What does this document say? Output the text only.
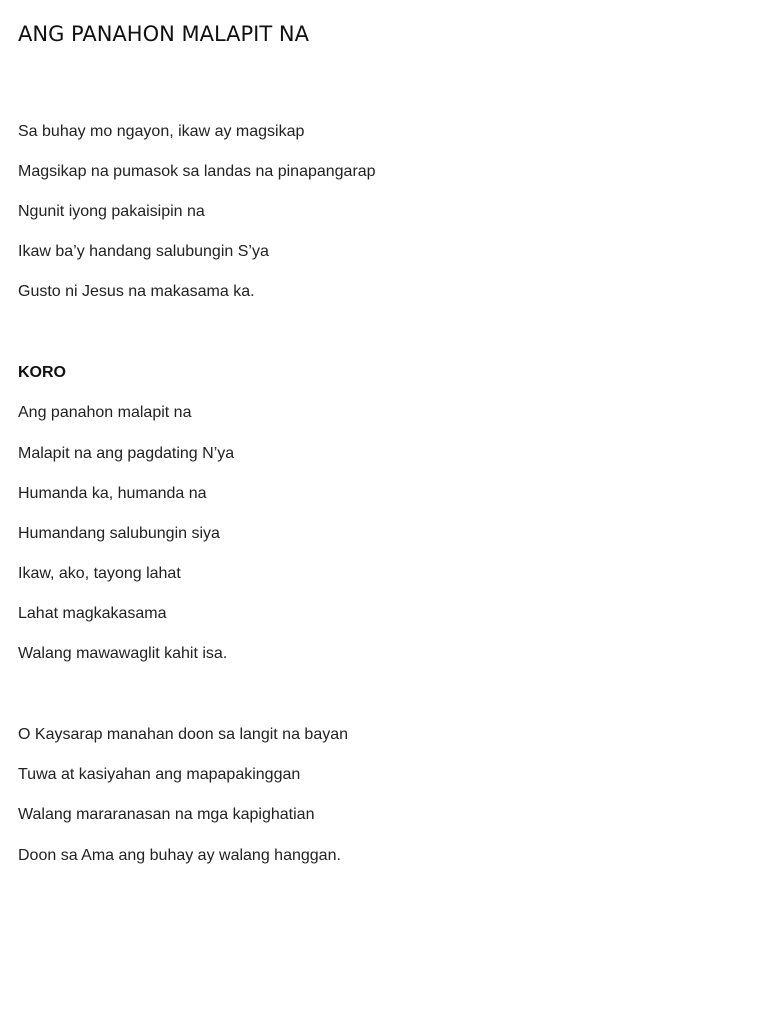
ANG PANAHON MALAPIT NA
Sa buhay mo ngayon, ikaw ay magsikap
Magsikap na pumasok sa landas na pinapangarap
Ngunit iyong pakaisipin na
Ikaw ba’y handang salubungin S’ya
Gusto ni Jesus na makasama ka.
KORO
Ang panahon malapit na
Malapit na ang pagdating N’ya
Humanda ka, humanda na
Humandang salubungin siya
Ikaw, ako, tayong lahat
Lahat magkakasama
Walang mawawaglit kahit isa.
O Kaysarap manahan doon sa langit na bayan
Tuwa at kasiyahan ang mapapakinggan
Walang mararanasan na mga kapighatian
Doon sa Ama ang buhay ay walang hanggan.
